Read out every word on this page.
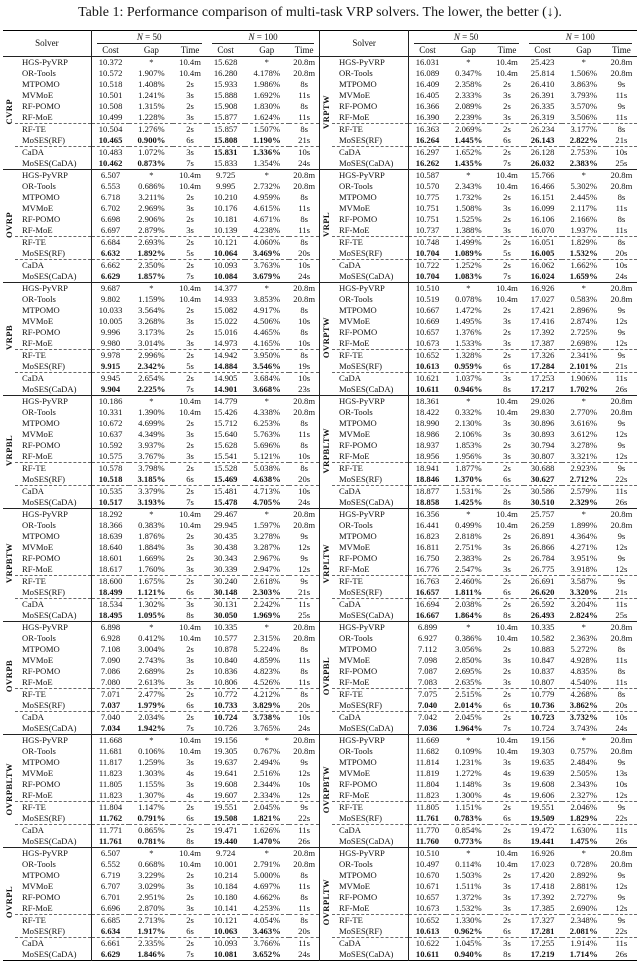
Table 1: Performance comparison of multi-task VRP solvers. The lower, the better (↓).
Solver		N = 50			N = 100			Solver		N = 50			N = 100		

		Cost	Gap	Time	Cost	Gap	Time			Cost	Gap	Time	Cost	Gap	Time
CVRP	HGS-PyVRP	10.372	*	10.4m	15.628	*	20.8m	VRPTW	HGS-PyVRP	16.031	*	10.4m	25.423	*	20.8m
	OR-Tools	10.572	1.907%	10.4m	16.280	4.178%	20.8m		OR-Tools	16.089	0.347%	10.4m	25.814	1.506%	20.8m
	MTPOMO	10.518	1.408%	2s	15.933	1.986%	8s		MTPOMO	16.409	2.358%	2s	26.410	3.863%	9s
	MVMoE	10.501	1.241%	3s	15.888	1.692%	11s		MVMoE	16.405	2.333%	3s	26.391	3.793%	11s
	RF-POMO	10.508	1.315%	2s	15.908	1.830%	8s		RF-POMO	16.366	2.089%	2s	26.335	3.570%	9s
	RF-MoE	10.499	1.228%	3s	15.877	1.624%	11s		RF-MoE	16.390	2.239%	3s	26.319	3.506%	11s
	RF-TE	10.504	1.276%	2s	15.857	1.507%	8s		RF-TE	16.363	2.069%	2s	26.234	3.177%	8s
	MoSES(RF)	10.465	0.900%	6s	15.808	1.190%	21s		MoSES(RF)	16.264	1.445%	6s	26.143	2.822%	21s
	CaDA	10.483	1.072%	3s	15.831	1.336%	10s		CaDA	16.297	1.652%	2s	26.128	2.753%	10s
	MoSES(CaDA)	10.462	0.873%	7s	15.833	1.354%	24s		MoSES(CaDA)	16.262	1.435%	7s	26.032	2.383%	25s
OVRP	HGS-PyVRP	6.507	*	10.4m	9.725	*	20.8m	VRPL	HGS-PyVRP	10.587	*	10.4m	15.766	*	20.8m
	OR-Tools	6.553	0.686%	10.4m	9.995	2.732%	20.8m		OR-Tools	10.570	2.343%	10.4m	16.466	5.302%	20.8m
	MTPOMO	6.718	3.211%	2s	10.210	4.959%	8s		MTPOMO	10.775	1.732%	2s	16.151	2.445%	8s
	MVMoE	6.702	2.969%	3s	10.176	4.615%	11s		MVMoE	10.751	1.508%	3s	16.099	2.117%	11s
	RF-POMO	6.698	2.906%	2s	10.181	4.671%	8s		RF-POMO	10.751	1.525%	2s	16.106	2.166%	8s
	RF-MoE	6.697	2.879%	3s	10.139	4.238%	11s		RF-MoE	10.737	1.388%	3s	16.070	1.937%	11s
	RF-TE	6.684	2.693%	2s	10.121	4.060%	8s		RF-TE	10.748	1.499%	2s	16.051	1.829%	8s
	MoSES(RF)	6.632	1.892%	5s	10.064	3.469%	20s		MoSES(RF)	10.704	1.089%	5s	16.005	1.532%	20s
	CaDA	6.662	2.350%	2s	10.093	3.763%	10s		CaDA	10.722	1.252%	2s	16.062	1.662%	10s
	MoSES(CaDA)	6.629	1.857%	7s	10.084	3.679%	24s		MoSES(CaDA)	10.704	1.083%	7s	16.024	1.659%	24s
VRPB	HGS-PyVRP	9.687	*	10.4m	14.377	*	20.8m	OVRPTW	HGS-PyVRP	10.510	*	10.4m	16.926	*	20.8m
	OR-Tools	9.802	1.159%	10.4m	14.933	3.853%	20.8m		OR-Tools	10.519	0.078%	10.4m	17.027	0.583%	20.8m
	MTPOMO	10.033	3.564%	2s	15.082	4.917%	8s		MTPOMO	10.667	1.472%	2s	17.421	2.896%	9s
	MVMoE	10.005	3.268%	3s	15.022	4.506%	10s		MVMoE	10.669	1.495%	3s	17.416	2.874%	12s
	RF-POMO	9.996	3.173%	2s	15.016	4.465%	8s		RF-POMO	10.657	1.376%	2s	17.392	2.725%	9s
	RF-MoE	9.980	3.014%	3s	14.973	4.165%	10s		RF-MoE	10.673	1.533%	3s	17.387	2.698%	12s
	RF-TE	9.978	2.996%	2s	14.942	3.950%	8s		RF-TE	10.652	1.328%	2s	17.326	2.341%	9s
	MoSES(RF)	9.915	2.342%	5s	14.884	3.546%	19s		MoSES(RF)	10.613	0.959%	6s	17.284	2.101%	21s
	CaDA	9.945	2.654%	2s	14.905	3.684%	10s		CaDA	10.621	1.037%	3s	17.253	1.906%	11s
	MoSES(CaDA)	9.904	2.225%	7s	14.901	3.668%	23s		MoSES(CaDA)	10.611	0.946%	8s	17.217	1.702%	26s
VRPBL	HGS-PyVRP	10.186	*	10.4m	14.779	*	20.8m	VRPBLTW	HGS-PyVRP	18.361	*	10.4m	29.026	*	20.8m
	OR-Tools	10.331	1.390%	10.4m	15.426	4.338%	20.8m		OR-Tools	18.422	0.332%	10.4m	29.830	2.770%	20.8m
	MTPOMO	10.672	4.699%	2s	15.712	6.253%	8s		MTPOMO	18.990	2.130%	3s	30.896	3.616%	9s
	MVMoE	10.637	4.349%	3s	15.640	5.763%	11s		MVMoE	18.986	2.106%	3s	30.893	3.612%	12s
	RF-POMO	10.592	3.937%	2s	15.628	5.696%	8s		RF-POMO	18.937	1.853%	2s	30.794	3.278%	9s
	RF-MoE	10.575	3.767%	3s	15.541	5.121%	10s		RF-MoE	18.956	1.956%	3s	30.807	3.321%	12s
	RF-TE	10.578	3.798%	2s	15.528	5.038%	8s		RF-TE	18.941	1.877%	2s	30.688	2.923%	9s
	MoSES(RF)	10.518	3.185%	6s	15.469	4.638%	20s		MoSES(RF)	18.846	1.370%	6s	30.627	2.712%	22s
	CaDA	10.535	3.379%	2s	15.481	4.713%	10s		CaDA	18.877	1.531%	2s	30.586	2.579%	11s
	MoSES(CaDA)	10.517	3.193%	7s	15.478	4.705%	24s		MoSES(CaDA)	18.858	1.425%	8s	30.510	2.329%	26s
VRPBTW	HGS-PyVRP	18.292	*	10.4m	29.467	*	20.8m	VRPLTW	HGS-PyVRP	16.356	*	10.4m	25.757	*	20.8m
	OR-Tools	18.366	0.383%	10.4m	29.945	1.597%	20.8m		OR-Tools	16.441	0.499%	10.4m	26.259	1.899%	20.8m
	MTPOMO	18.639	1.876%	2s	30.435	3.278%	9s		MTPOMO	16.823	2.818%	2s	26.891	4.364%	9s
	MVMoE	18.640	1.884%	3s	30.438	3.287%	12s		MVMoE	16.811	2.751%	3s	26.866	4.271%	12s
	RF-POMO	18.601	1.669%	2s	30.343	2.967%	9s		RF-POMO	16.750	2.383%	2s	26.784	3.951%	9s
	RF-MoE	18.617	1.760%	3s	30.339	2.947%	12s		RF-MoE	16.776	2.547%	3s	26.775	3.918%	12s
	RF-TE	18.600	1.675%	2s	30.240	2.618%	9s		RF-TE	16.763	2.460%	2s	26.691	3.587%	9s
	MoSES(RF)	18.499	1.121%	6s	30.148	2.303%	21s		MoSES(RF)	16.657	1.811%	6s	26.620	3.320%	21s
	CaDA	18.534	1.302%	3s	30.131	2.242%	11s		CaDA	16.694	2.038%	2s	26.592	3.204%	11s
	MoSES(CaDA)	18.495	1.095%	8s	30.050	1.969%	25s		MoSES(CaDA)	16.667	1.864%	8s	26.493	2.824%	25s
OVRPB	HGS-PyVRP	6.898	*	10.4m	10.335	*	20.8m	OVRPBL	HGS-PyVRP	6.899	*	10.4m	10.335	*	20.8m
	OR-Tools	6.928	0.412%	10.4m	10.577	2.315%	20.8m		OR-Tools	6.927	0.386%	10.4m	10.582	2.363%	20.8m
	MTPOMO	7.108	3.004%	2s	10.878	5.224%	8s		MTPOMO	7.112	3.056%	2s	10.883	5.272%	8s
	MVMoE	7.090	2.743%	3s	10.840	4.859%	11s		MVMoE	7.098	2.850%	3s	10.847	4.928%	11s
	RF-POMO	7.086	2.689%	2s	10.836	4.823%	8s		RF-POMO	7.087	2.695%	2s	10.837	4.835%	8s
	RF-MoE	7.080	2.613%	3s	10.806	4.526%	11s		RF-MoE	7.083	2.635%	3s	10.807	4.540%	11s
	RF-TE	7.071	2.477%	2s	10.772	4.212%	8s		RF-TE	7.075	2.515%	2s	10.779	4.268%	8s
	MoSES(RF)	7.037	1.979%	6s	10.733	3.829%	20s		MoSES(RF)	7.040	2.014%	6s	10.736	3.862%	20s
	CaDA	7.040	2.034%	2s	10.724	3.738%	10s		CaDA	7.042	2.045%	2s	10.723	3.732%	10s
	MoSES(CaDA)	7.034	1.942%	7s	10.726	3.765%	24s		MoSES(CaDA)	7.036	1.964%	7s	10.724	3.743%	24s
OVRPBLTW	HGS-PyVRP	11.668	*	10.4m	19.156	*	20.8m	OVRPBTW	HGS-PyVRP	11.669	*	10.4m	19.156	*	20.8m
	OR-Tools	11.681	0.106%	10.4m	19.305	0.767%	20.8m		OR-Tools	11.682	0.109%	10.4m	19.303	0.757%	20.8m
	MTPOMO	11.817	1.259%	3s	19.637	2.494%	9s		MTPOMO	11.814	1.231%	3s	19.635	2.484%	9s
	MVMoE	11.823	1.303%	4s	19.641	2.516%	12s		MVMoE	11.819	1.272%	4s	19.639	2.505%	13s
	RF-POMO	11.805	1.155%	3s	19.608	2.344%	10s		RF-POMO	11.804	1.148%	3s	19.608	2.343%	10s
	RF-MoE	11.823	1.307%	4s	19.607	2.334%	12s		RF-MoE	11.823	1.300%	4s	19.606	2.327%	12s
	RF-TE	11.804	1.147%	2s	19.551	2.045%	9s		RF-TE	11.805	1.151%	2s	19.551	2.046%	9s
	MoSES(RF)	11.762	0.791%	6s	19.508	1.821%	22s		MoSES(RF)	11.761	0.783%	6s	19.509	1.829%	22s
	CaDA	11.771	0.865%	2s	19.471	1.626%	11s		CaDA	11.770	0.854%	2s	19.472	1.630%	11s
	MoSES(CaDA)	11.761	0.781%	8s	19.440	1.470%	26s		MoSES(CaDA)	11.760	0.773%	8s	19.441	1.475%	26s
OVRPL	HGS-PyVRP	6.507	*	10.4m	9.724	*	20.8m	OVRPLTW	HGS-PyVRP	10.510	*	10.4m	16.926	*	20.8m
	OR-Tools	6.552	0.668%	10.4m	10.001	2.791%	20.8m		OR-Tools	10.497	0.114%	10.4m	17.023	0.728%	20.8m
	MTPOMO	6.719	3.229%	2s	10.214	5.000%	8s		MTPOMO	10.670	1.503%	2s	17.420	2.892%	9s
	MVMoE	6.707	3.029%	3s	10.184	4.697%	11s		MVMoE	10.671	1.511%	3s	17.418	2.881%	12s
	RF-POMO	6.701	2.951%	2s	10.180	4.662%	8s		RF-POMO	10.657	1.372%	3s	17.392	2.727%	9s
	RF-MoE	6.696	2.870%	3s	10.141	4.253%	11s		RF-MoE	10.673	1.532%	3s	17.385	2.690%	12s
	RF-TE	6.685	2.713%	2s	10.121	4.054%	8s		RF-TE	10.652	1.330%	2s	17.327	2.348%	9s
	MoSES(RF)	6.634	1.917%	6s	10.063	3.463%	20s		MoSES(RF)	10.613	0.962%	6s	17.281	2.081%	22s
	CaDA	6.661	2.335%	2s	10.093	3.766%	11s		CaDA	10.622	1.045%	3s	17.255	1.914%	11s
	MoSES(CaDA)	6.629	1.846%	7s	10.081	3.652%	24s		MoSES(CaDA)	10.611	0.940%	8s	17.219	1.714%	26s
